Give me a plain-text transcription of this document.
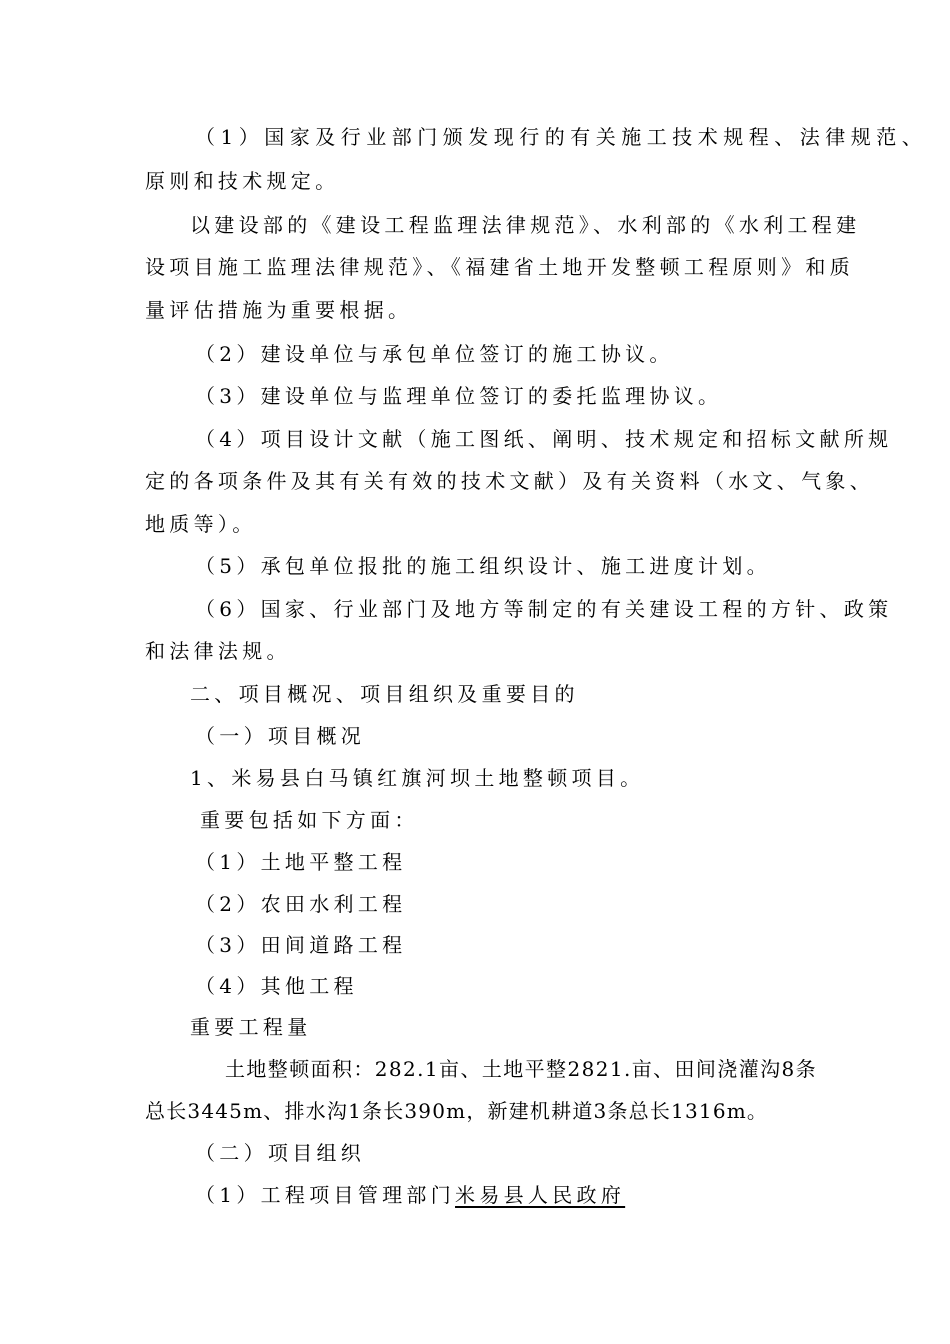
（1）国家及行业部门颁发现行的有关施工技术规程、法律规范、

原则和技术规定。

以建设部的《建设工程监理法律规范》、水利部的《水利工程建

设项目施工监理法律规范》、《福建省土地开发整顿工程原则》和质

量评估措施为重要根据。

（2）建设单位与承包单位签订的施工协议。

（3）建设单位与监理单位签订的委托监理协议。

（4）项目设计文献（施工图纸、阐明、技术规定和招标文献所规

定的各项条件及其有关有效的技术文献）及有关资料（水文、气象、

地质等）。

（5）承包单位报批的施工组织设计、施工进度计划。

（6）国家、行业部门及地方等制定的有关建设工程的方针、政策

和法律法规。

二、项目概况、项目组织及重要目的

（一）项目概况

1、米易县白马镇红旗河坝土地整顿项目。

重要包括如下方面：

（1）土地平整工程

（2）农田水利工程

（3）田间道路工程

（4）其他工程

重要工程量

土地整顿面积：282.1亩、土地平整2821.亩、田间浇灌沟8条

总长3445m、排水沟1条长390m，新建机耕道3条总长1316m。

（二）项目组织

（1）工程项目管理部门米易县人民政府
